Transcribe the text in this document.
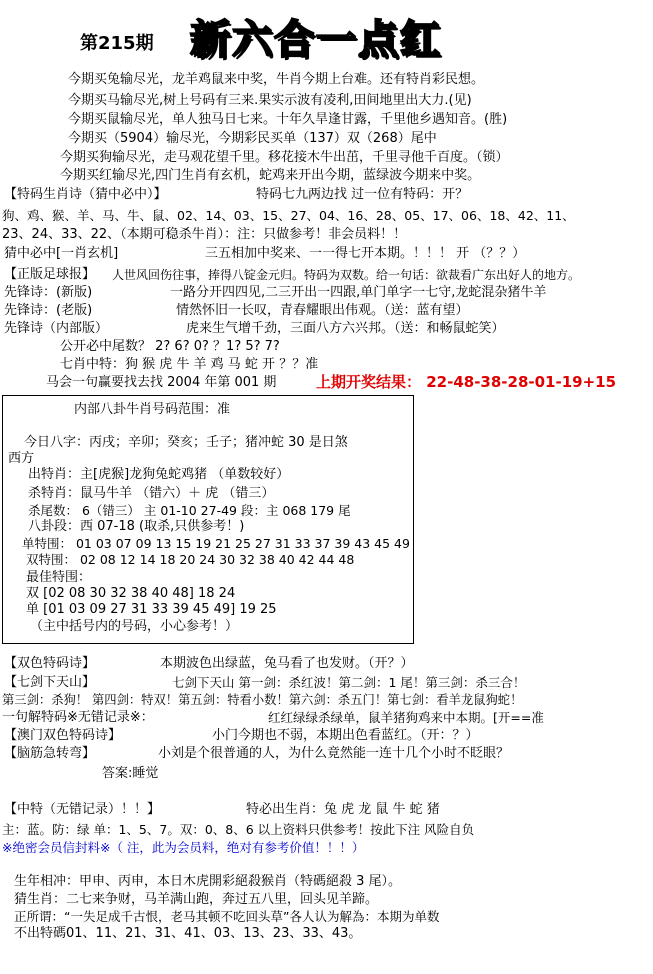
第215期 新六合一点红
今期买兔输尽光，龙羊鸡鼠来中奖，牛肖今期上台难。还有特肖彩民想。
今期买马输尽光,树上号码有三来.果实示波有凌利,田间地里出大力.(见)
今期买鼠输尽光，单人独马日七来。十年久旱逢甘露，千里他乡遇知音。(胜)
今期买（5904）输尽光，今期彩民买单（137）双（268）尾中
今期买狗输尽光，走马观花望千里。移花接木牛出茁，千里寻他千百度。（锁）
今期买红输尽光,四门生肖有玄机，蛇鸡来开出今期，蓝绿波今期来中奖。
【特码生肖诗（猜中必中）】	特码七九两边找 过一位有特码：开？
狗、鸡、猴、羊、马、牛、鼠、02、14、03、15、27、04、16、28、05、17、06、18、42、11、
23、24、33、22、（本期可稳杀牛肖）：注：只做参考！非会员料！！
猜中必中[一肖玄机]	三五相加中奖来、一一得七开本期。！！！ 开 （？？）
【正版足球报】 人世风回伤往事，捧得八锭金元归。特码为双数。给一句话：欲裁看广东出好人的地方。
先锋诗：(新版)	一路分开四四见,二三开出一四跟,单门单字一七守,龙蛇混杂猪牛羊
先锋诗：(老版)	情然怀旧一长叹，青春耀眼出伟观。（送：蓝有望）
先锋诗（内部版）	虎来生气增千劲，三面八方六兴邦。（送：和畅鼠蛇笑）
公开必中尾数？ 2? 6? 0? ？1? 5? 7?
七肖中特：狗 猴 虎 牛 羊 鸡 马 蛇 开 ？？准
马会一句赢要找去找 2004 年第 001 期	上期开奖结果： 22-48-38-28-01-19+15
内部八卦牛肖号码范围：准
今日八字：丙戌；辛卯；癸亥；壬子；猪冲蛇 30 是日煞
西方
出特肖：主[虎猴]龙狗兔蛇鸡猪 （单数较好）
杀特肖：鼠马牛羊 （错六）＋ 虎 （错三）
杀尾数： 6（错三） 主 01-10 27-49 段：主 068 179 尾
八卦段：西 07-18 (取杀,只供参考！)
单特围： 01 03 07 09 13 15 19 21 25 27 31 33 37 39 43 45 49
双特围： 02 08 12 14 18 20 24 30 32 38 40 42 44 48
最佳特围：
双 [02 08 30 32 38 40 48] 18 24
单 [01 03 09 27 31 33 39 45 49] 19 25
（主中括号内的号码，小心参考！）
【双色特码诗】	本期波色出绿蓝，兔马看了也发财。（开？）
【七剑下天山】	七剑下天山 第一剑：杀红波！第二剑：1 尾！第三剑：杀三合！
第三剑：杀狗！ 第四剑：特双！第五剑：特看小数！第六剑：杀五门！第七剑：看羊龙鼠狗蛇！
一句解特码※无错记录※：	红红绿绿杀绿单，鼠羊猪狗鸡来中本期。[开==准
【澳门双色特码诗】	小门今期也不弱，本期出色看蓝红。（开：？）
【脑筋急转弯】	小刘是个很普通的人，为什么竟然能一连十几个小时不眨眼？
答案:睡觉
【中特（无错记录）！！】	特必出生肖：兔 虎 龙 鼠 牛 蛇 猪
主：蓝。防：绿 单：1、5、7。双：0、8、6 以上资料只供参考！按此下注 风险自负
※绝密会员信封料※（ 注，此为会员料，绝对有参考价值！！！）
生年相冲：甲申、丙申，本日木虎開彩絕殺猴肖（特碼絕殺 3 尾）。
猜生肖：二七来争财，马羊满山跑，奔过五八里，回头见羊蹄。
正所谓：“一失足成千古恨，老马其顿不吃回头草”各人认为解為：本期为单数
不出特碼01、11、21、31、41、03、13、23、33、43。
